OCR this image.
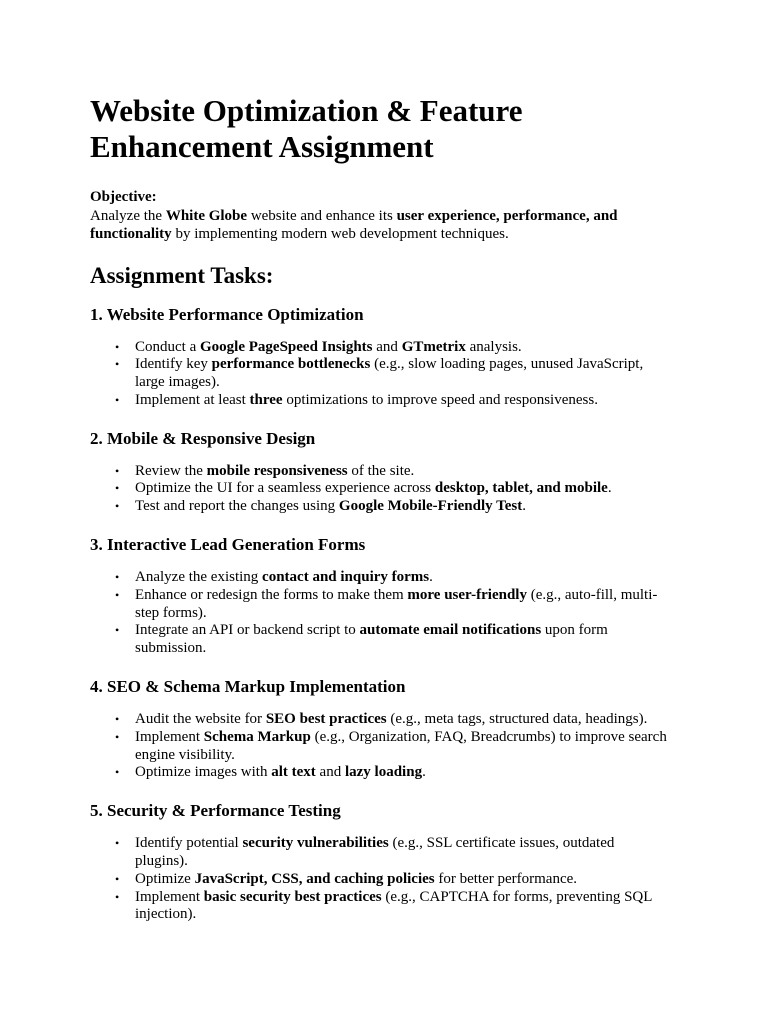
Website Optimization & Feature Enhancement Assignment
Objective:
Analyze the White Globe website and enhance its user experience, performance, and functionality by implementing modern web development techniques.
Assignment Tasks:
1. Website Performance Optimization
• Conduct a Google PageSpeed Insights and GTmetrix analysis.
• Identify key performance bottlenecks (e.g., slow loading pages, unused JavaScript, large images).
• Implement at least three optimizations to improve speed and responsiveness.
2. Mobile & Responsive Design
• Review the mobile responsiveness of the site.
• Optimize the UI for a seamless experience across desktop, tablet, and mobile.
• Test and report the changes using Google Mobile-Friendly Test.
3. Interactive Lead Generation Forms
• Analyze the existing contact and inquiry forms.
• Enhance or redesign the forms to make them more user-friendly (e.g., auto-fill, multi-step forms).
• Integrate an API or backend script to automate email notifications upon form submission.
4. SEO & Schema Markup Implementation
• Audit the website for SEO best practices (e.g., meta tags, structured data, headings).
• Implement Schema Markup (e.g., Organization, FAQ, Breadcrumbs) to improve search engine visibility.
• Optimize images with alt text and lazy loading.
5. Security & Performance Testing
• Identify potential security vulnerabilities (e.g., SSL certificate issues, outdated plugins).
• Optimize JavaScript, CSS, and caching policies for better performance.
• Implement basic security best practices (e.g., CAPTCHA for forms, preventing SQL injection).
